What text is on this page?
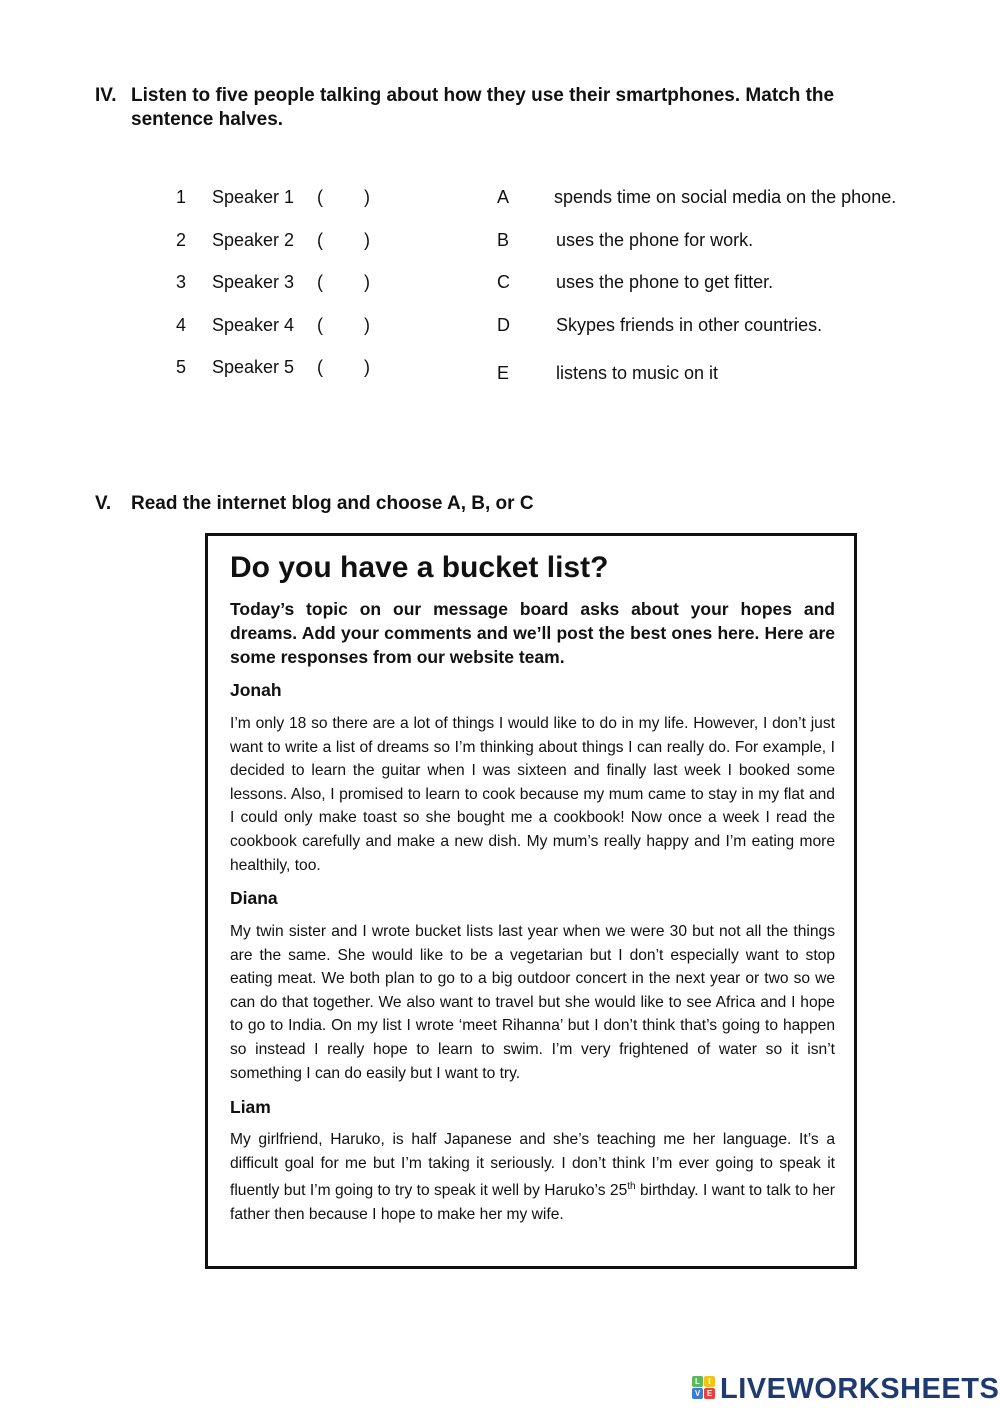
IV. Listen to five people talking about how they use their smartphones. Match the sentence halves.
1 Speaker 1 ( )	A spends time on social media on the phone.
2 Speaker 2 ( )	B	uses the phone for work.
3 Speaker 3 ( )	C	uses the phone to get fitter.
4 Speaker 4 ( )	D	Skypes friends in other countries.
5 Speaker 5 ( )	E	listens to music on it
V. Read the internet blog and choose A, B, or C
Do you have a bucket list?
Today’s topic on our message board asks about your hopes and dreams. Add your comments and we’ll post the best ones here. Here are some responses from our website team.
Jonah
I’m only 18 so there are a lot of things I would like to do in my life. However, I don’t just want to write a list of dreams so I’m thinking about things I can really do. For example, I decided to learn the guitar when I was sixteen and finally last week I booked some lessons. Also, I promised to learn to cook because my mum came to stay in my flat and I could only make toast so she bought me a cookbook! Now once a week I read the cookbook carefully and make a new dish. My mum’s really happy and I’m eating more healthily, too.
Diana
My twin sister and I wrote bucket lists last year when we were 30 but not all the things are the same. She would like to be a vegetarian but I don’t especially want to stop eating meat. We both plan to go to a big outdoor concert in the next year or two so we can do that together. We also want to travel but she would like to see Africa and I hope to go to India. On my list I wrote ‘meet Rihanna’ but I don’t think that’s going to happen so instead I really hope to learn to swim. I’m very frightened of water so it isn’t something I can do easily but I want to try.
Liam
My girlfriend, Haruko, is half Japanese and she’s teaching me her language. It’s a difficult goal for me but I’m taking it seriously. I don’t think I’m ever going to speak it fluently but I’m going to try to speak it well by Haruko’s 25th birthday. I want to talk to her father then because I hope to make her my wife.
L	I
V E LIVEWORKSHEETS
